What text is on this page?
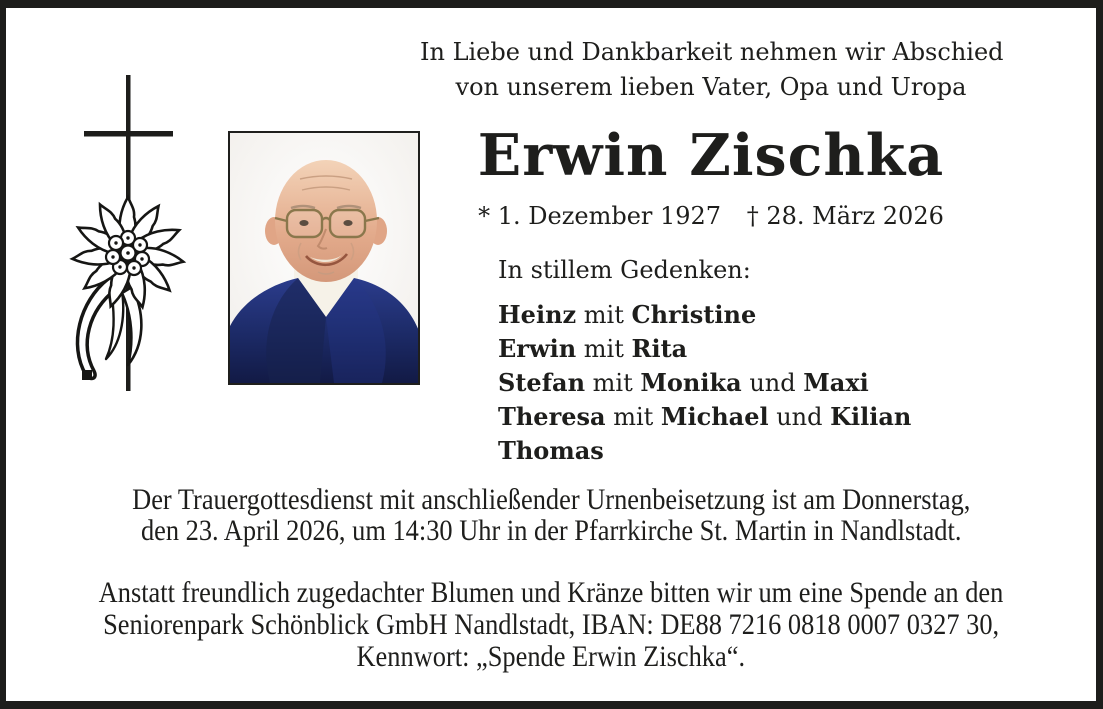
In Liebe und Dankbarkeit nehmen wir Abschied
von unserem lieben Vater, Opa und Uropa
Erwin Zischka
* 1. Dezember 1927 † 28. März 2026
In stillem Gedenken:
Heinz mit Christine
Erwin mit Rita
Stefan mit Monika und Maxi
Theresa mit Michael und Kilian
Thomas
Der Trauergottesdienst mit anschließender Urnenbeisetzung ist am Donnerstag,
den 23. April 2026, um 14:30 Uhr in der Pfarrkirche St. Martin in Nandlstadt.
Anstatt freundlich zugedachter Blumen und Kränze bitten wir um eine Spende an den
Seniorenpark Schönblick GmbH Nandlstadt, IBAN: DE88 7216 0818 0007 0327 30,
Kennwort: „Spende Erwin Zischka“.
